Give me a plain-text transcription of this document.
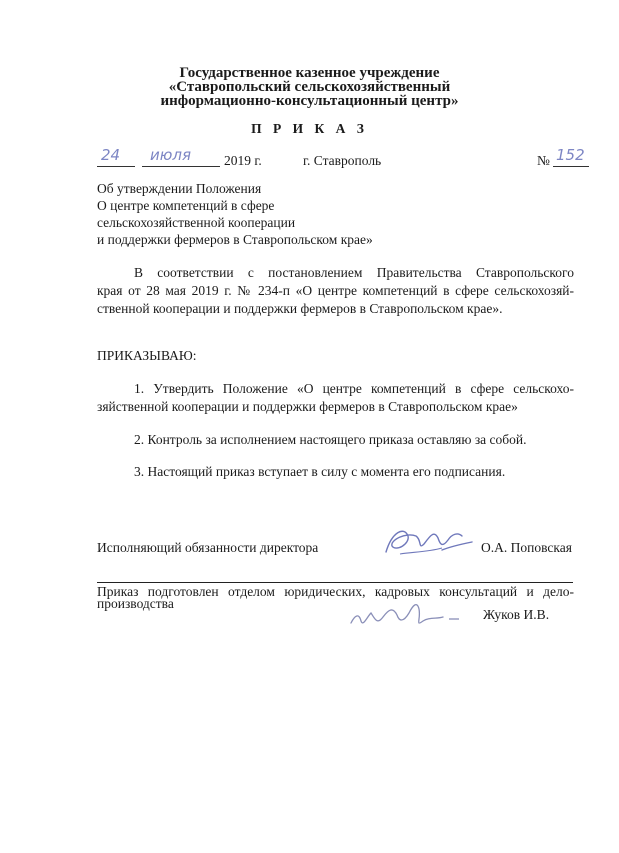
Государственное казенное учреждение
«Ставропольский сельскохозяйственный
информационно-консультационный центр»
П Р И К А З
24 июля 2019 г.	г. Ставрополь	№ 152
Об утверждении Положения
О центре компетенций в сфере
сельскохозяйственной кооперации
и поддержки фермеров в Ставропольском крае»
В соответствии с постановлением Правительства Ставропольского
края от 28 мая 2019 г. № 234-п «О центре компетенций в сфере сельскохозяй-
ственной кооперации и поддержки фермеров в Ставропольском крае».
ПРИКАЗЫВАЮ:
1. Утвердить Положение «О центре компетенций в сфере сельскохо-
зяйственной кооперации и поддержки фермеров в Ставропольском крае»
2. Контроль за исполнением настоящего приказа оставляю за собой.
3. Настоящий приказ вступает в силу с момента его подписания.
Исполняющий обязанности директора	О.А. Поповская
Приказ подготовлен отделом юридических, кадровых консультаций и дело-
производства
Жуков И.В.
